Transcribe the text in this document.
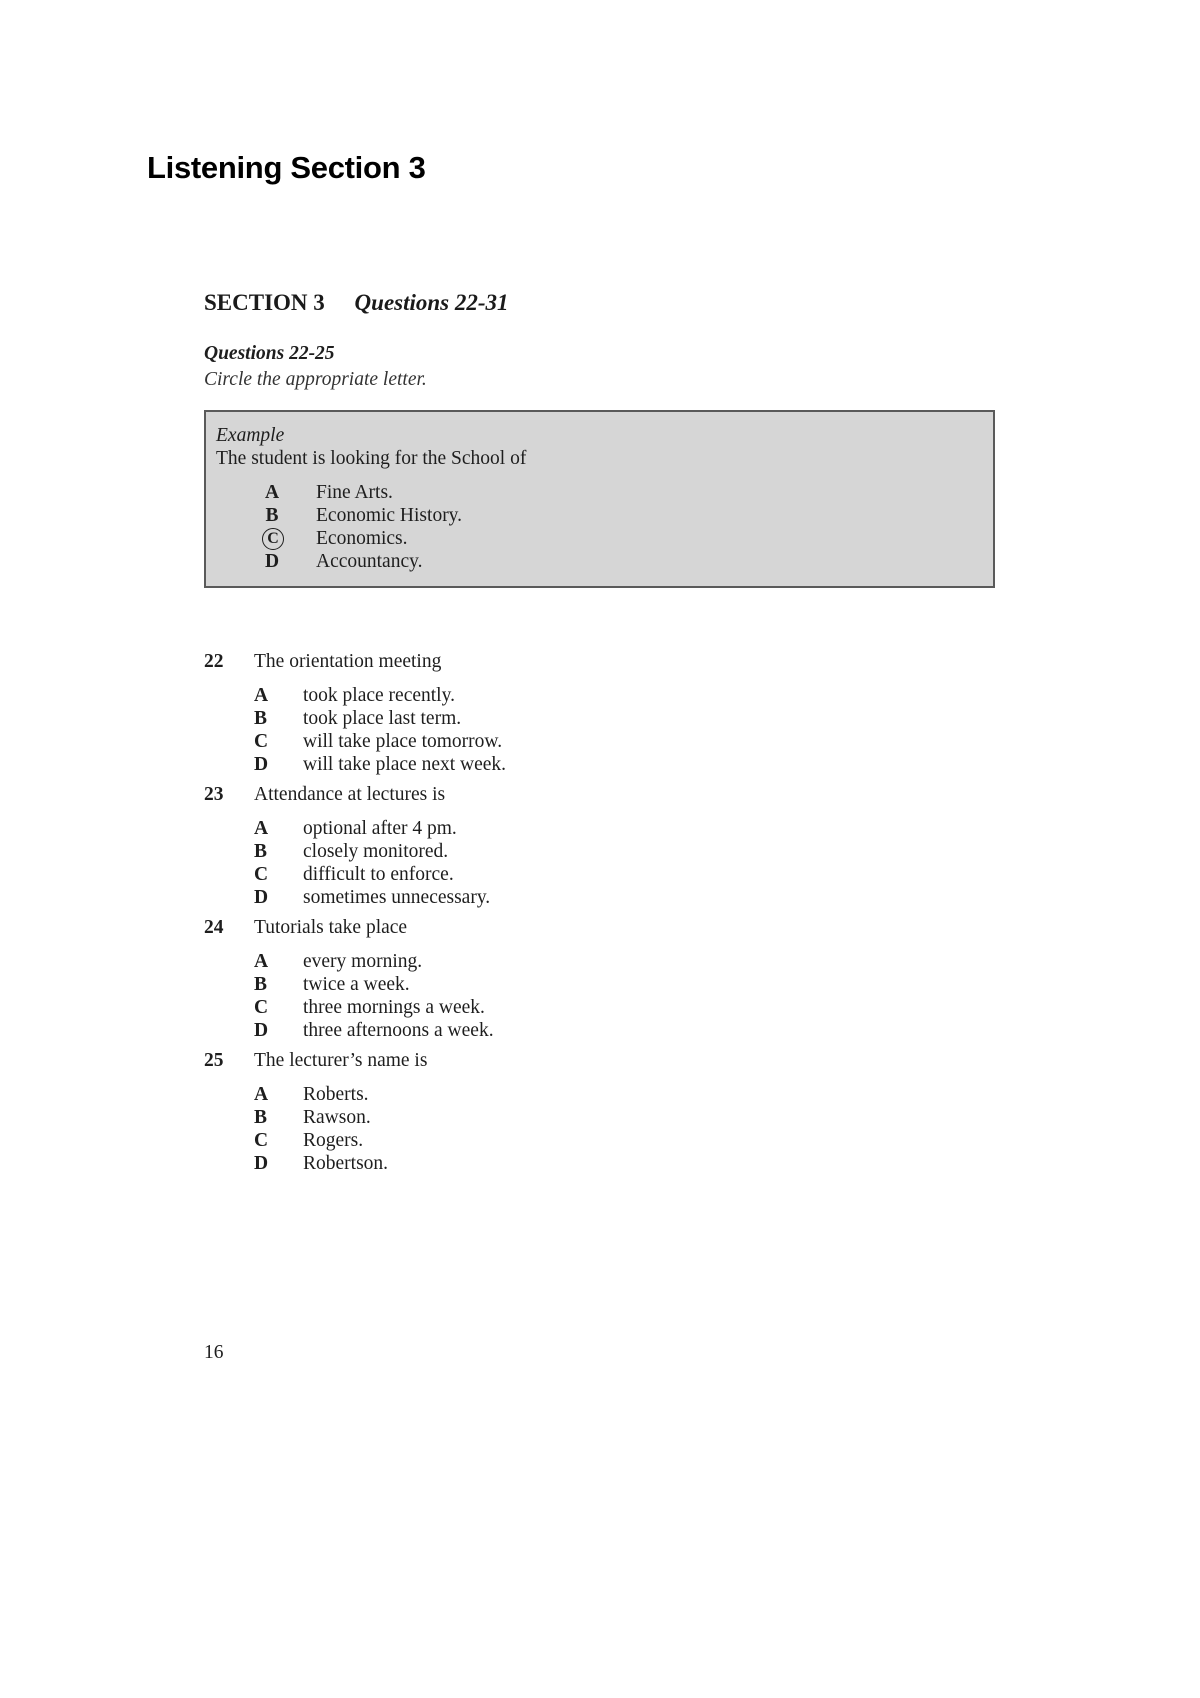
Listening Section 3
SECTION 3 Questions 22-31
Questions 22-25
Circle the appropriate letter.
Example
The student is looking for the School of
A Fine Arts.
B Economic History.
C Economics.
D Accountancy.
22 The orientation meeting
A took place recently.
B took place last term.
C will take place tomorrow.
D will take place next week.
23 Attendance at lectures is
A optional after 4 pm.
B closely monitored.
C difficult to enforce.
D sometimes unnecessary.
24 Tutorials take place
A every morning.
B twice a week.
C three mornings a week.
D three afternoons a week.
25 The lecturer’s name is
A Roberts.
B Rawson.
C Rogers.
D Robertson.
16
